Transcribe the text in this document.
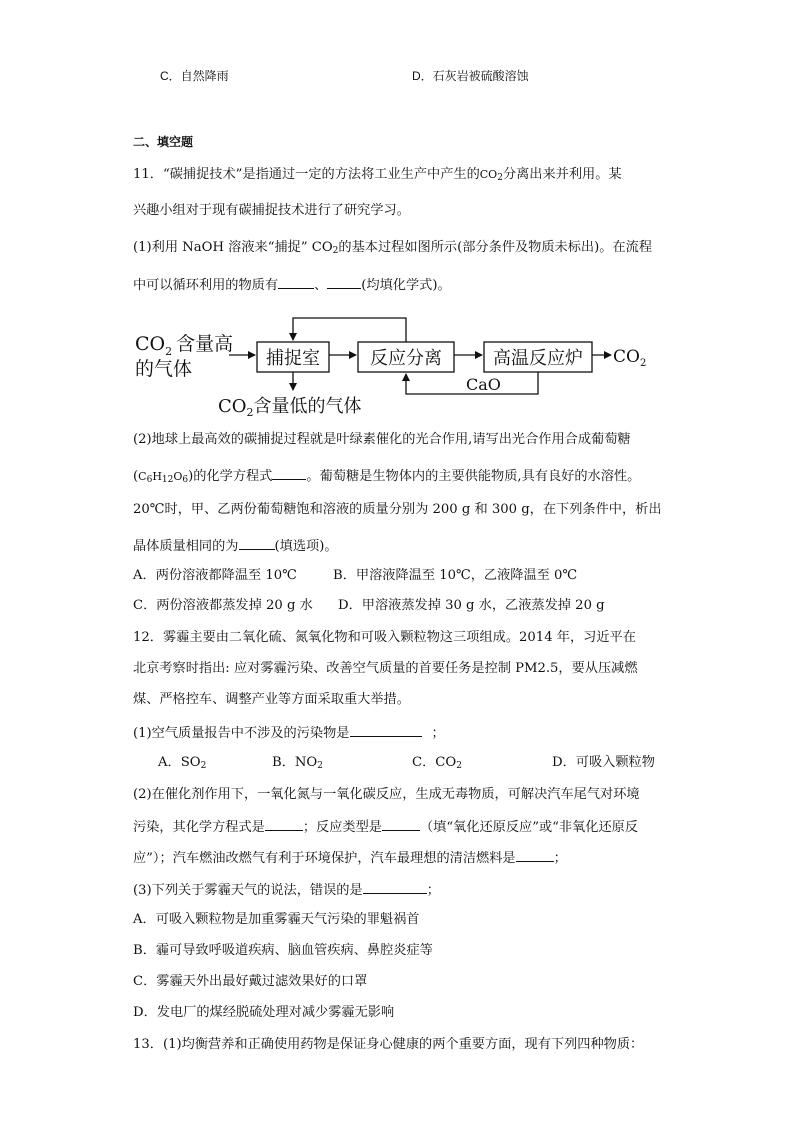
C．自然降雨	D．石灰岩被硫酸溶蚀
二、填空题
11．“碳捕捉技术”是指通过一定的方法将工业生产中产生的$CO_2$分离出来并利用。某
兴趣小组对于现有碳捕捉技术进行了研究学习。
(1)利用 NaOH 溶液来“捕捉” $CO_2$的基本过程如图所示(部分条件及物质未标出)。在流程
中可以循环利用的物质有	、	(均填化学式)。
$CO_2$ 含量高
的气体	捕捉室	反应分离	高温反应炉 $CO_2$
CaO
$CO_2$含量低的气体
(2)地球上最高效的碳捕捉过程就是叶绿素催化的光合作用,请写出光合作用合成葡萄糖
$(C_6H_{12}O_6)$的化学方程式	。葡萄糖是生物体内的主要供能物质,具有良好的水溶性。
20℃时，甲、乙两份葡萄糖饱和溶液的质量分别为 200 g 和 300 g，在下列条件中，析出
晶体质量相同的为	(填选项)。
A．两份溶液都降温至 10℃	B．甲溶液降温至 10℃，乙液降温至 0℃
C．两份溶液都蒸发掉 20 g 水 D．甲溶液蒸发掉 30 g 水，乙液蒸发掉 20 g
12．雾霾主要由二氧化硫、氮氧化物和可吸入颗粒物这三项组成。2014 年，习近平在
北京考察时指出: 应对雾霾污染、改善空气质量的首要任务是控制 PM2.5，要从压减燃
煤、严格控车、调整产业等方面采取重大举措。
(1)空气质量报告中不涉及的污染物是	；
A．$SO_2$	B．$NO_2$	C．$CO_2$	D．可吸入颗粒物
(2)在催化剂作用下，一氧化氮与一氧化碳反应，生成无毒物质，可解决汽车尾气对环境
污染，其化学方程式是	；反应类型是	（填“氧化还原反应”或“非氧化还原反
应”）；汽车燃油改燃气有利于环境保护，汽车最理想的清洁燃料是	；
(3)下列关于雾霾天气的说法，错误的是	；
A．可吸入颗粒物是加重雾霾天气污染的罪魁祸首
B．霾可导致呼吸道疾病、脑血管疾病、鼻腔炎症等
C．雾霾天外出最好戴过滤效果好的口罩
D．发电厂的煤经脱硫处理对减少雾霾无影响
13．(1)均衡营养和正确使用药物是保证身心健康的两个重要方面，现有下列四种物质：
